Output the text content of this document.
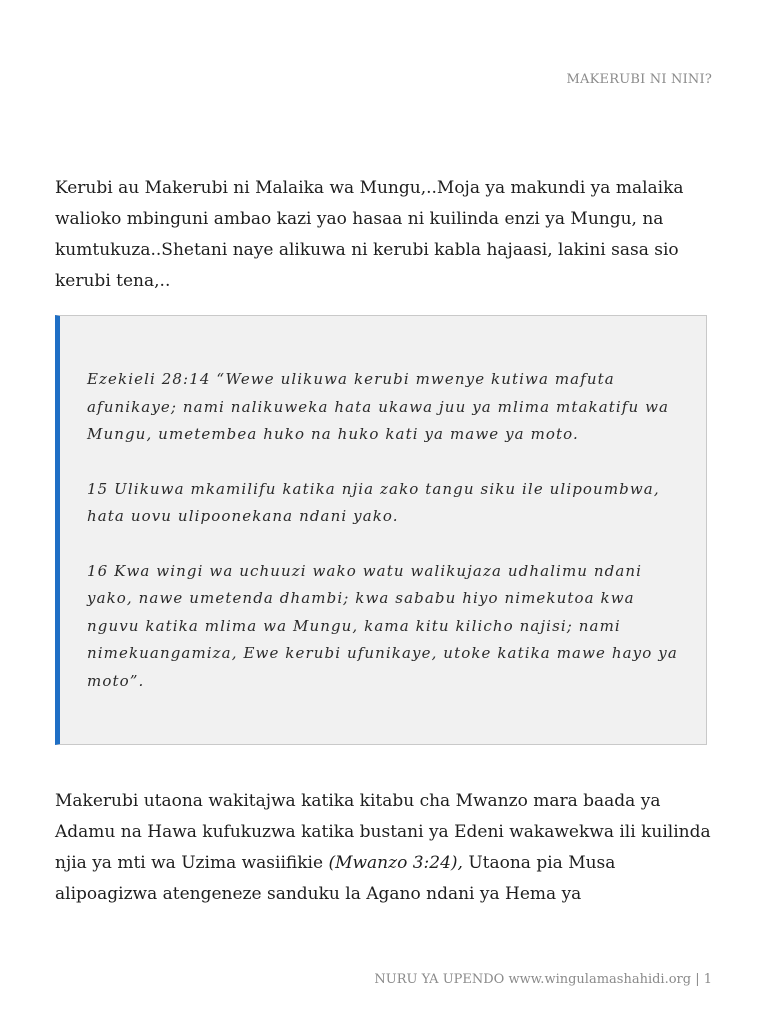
MAKERUBI NI NINI?

Kerubi au Makerubi ni Malaika wa Mungu,..Moja ya makundi ya malaika walioko mbinguni ambao kazi yao hasaa ni kuilinda enzi ya Mungu, na kumtukuza..Shetani naye alikuwa ni kerubi kabla hajaasi, lakini sasa sio kerubi tena,..

Ezekieli 28:14 “Wewe ulikuwa kerubi mwenye kutiwa mafuta afunikaye; nami nalikuweka hata ukawa juu ya mlima mtakatifu wa Mungu, umetembea huko na huko kati ya mawe ya moto.

15 Ulikuwa mkamilifu katika njia zako tangu siku ile ulipoumbwa, hata uovu ulipoonekana ndani yako.

16 Kwa wingi wa uchuuzi wako watu walikujaza udhalimu ndani yako, nawe umetenda dhambi; kwa sababu hiyo nimekutoa kwa nguvu katika mlima wa Mungu, kama kitu kilicho najisi; nami nimekuangamiza, Ewe kerubi ufunikaye, utoke katika mawe hayo ya moto”.

Makerubi utaona wakitajwa katika kitabu cha Mwanzo mara baada ya Adamu na Hawa kufukuzwa katika bustani ya Edeni wakawekwa ili kuilinda njia ya mti wa Uzima wasiifikie (Mwanzo 3:24), Utaona pia Musa alipoagizwa atengeneze sanduku la Agano ndani ya Hema ya

NURU YA UPENDO www.wingulamashahidi.org | 1
